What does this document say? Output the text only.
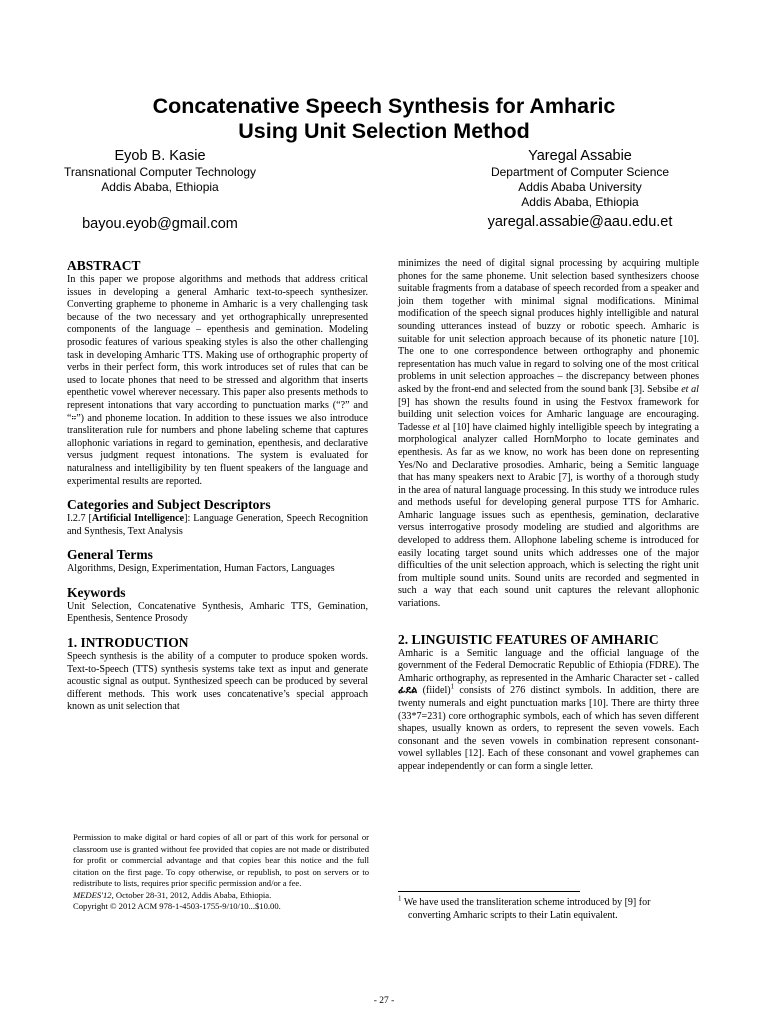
Concatenative Speech Synthesis for Amharic
Using Unit Selection Method
Eyob B. Kasie
Transnational Computer Technology
Addis Ababa, Ethiopia
bayou.eyob@gmail.com
Yaregal Assabie
Department of Computer Science
Addis Ababa University
Addis Ababa, Ethiopia
yaregal.assabie@aau.edu.et
ABSTRACT

In this paper we propose algorithms and methods that address critical issues in developing a general Amharic text-to-speech synthesizer. Converting grapheme to phoneme in Amharic is a very challenging task because of the two necessary and yet orthographically unrepresented components of the language – epenthesis and gemination. Modeling prosodic features of various speaking styles is also the other challenging task in developing Amharic TTS. Making use of orthographic property of verbs in their perfect form, this work introduces set of rules that can be used to locate phones that need to be stressed and algorithm that inserts epenthetic vowel wherever necessary. This paper also presents methods to represent intonations that vary according to punctuation marks (“?” and “።”) and phoneme location. In addition to these issues we also introduce transliteration rule for numbers and phone labeling scheme that captures allophonic variations in regard to gemination, epenthesis, and declarative versus judgment request intonations. The system is evaluated for naturalness and intelligibility by ten fluent speakers of the language and experimental results are reported.

Categories and Subject Descriptors

I.2.7 [Artificial Intelligence]: Language Generation, Speech Recognition and Synthesis, Text Analysis

General Terms

Algorithms, Design, Experimentation, Human Factors, Languages

Keywords

Unit Selection, Concatenative Synthesis, Amharic TTS, Gemination, Epenthesis, Sentence Prosody

1. INTRODUCTION

Speech synthesis is the ability of a computer to produce spoken words. Text-to-Speech (TTS) synthesis systems take text as input and generate acoustic signal as output. Synthesized speech can be produced by several different methods. This work uses concatenative’s special approach known as unit selection that

Permission to make digital or hard copies of all or part of this work for personal or classroom use is granted without fee provided that copies are not made or distributed for profit or commercial advantage and that copies bear this notice and the full citation on the first page. To copy otherwise, or republish, to post on servers or to redistribute to lists, requires prior specific permission and/or a fee.
MEDES'12, October 28-31, 2012, Addis Ababa, Ethiopia.
Copyright © 2012 ACM 978-1-4503-1755-9/10/10...$10.00.

minimizes the need of digital signal processing by acquiring multiple phones for the same phoneme. Unit selection based synthesizers choose suitable fragments from a database of speech recorded from a speaker and join them together with minimal signal modifications. Minimal modification of the speech signal produces highly intelligible and natural sounding utterances instead of buzzy or robotic speech. Amharic is suitable for unit selection approach because of its phonetic nature [10]. The one to one correspondence between orthography and phonemic representation has much value in regard to solving one of the most critical problems in unit selection approaches – the discrepancy between phones asked by the front-end and selected from the sound bank [3]. Sebsibe et al [9] has shown the results found in using the Festvox framework for building unit selection voices for Amharic language are encouraging. Tadesse et al [10] have claimed highly intelligible speech by integrating a morphological analyzer called HornMorpho to locate geminates and epenthesis. As far as we know, no work has been done on representing Yes/No and Declarative prosodies. Amharic, being a Semitic language that has many speakers next to Arabic [7], is worthy of a thorough study in the area of natural language processing. In this study we introduce rules and methods useful for developing general purpose TTS for Amharic. Amharic language issues such as epenthesis, gemination, declarative versus interrogative prosody modeling are studied and algorithms are developed to address them. Allophone labeling scheme is introduced for easily locating target sound units which addresses one of the major difficulties of the unit selection approach, which is selecting the right unit from multiple sound units. Sound units are recorded and segmented in such a way that each sound unit captures the relevant allophonic variations.

2. LINGUISTIC FEATURES OF AMHARIC

Amharic is a Semitic language and the official language of the government of the Federal Democratic Republic of Ethiopia (FDRE). The Amharic orthography, as represented in the Amharic Character set - called ፊደል (fiidel)$^1$ consists of 276 distinct symbols. In addition, there are twenty numerals and eight punctuation marks [10]. There are thirty three (33*7=231) core orthographic symbols, each of which has seven different shapes, usually known as orders, to represent the seven vowels. Each consonant and the seven vowels in combination represent consonant-vowel syllables [12]. Each of these consonant and vowel graphemes can appear independently or can form a single letter.

$^1$ We have used the transliteration scheme introduced by [9] for
converting Amharic scripts to their Latin equivalent.
- 27 -
